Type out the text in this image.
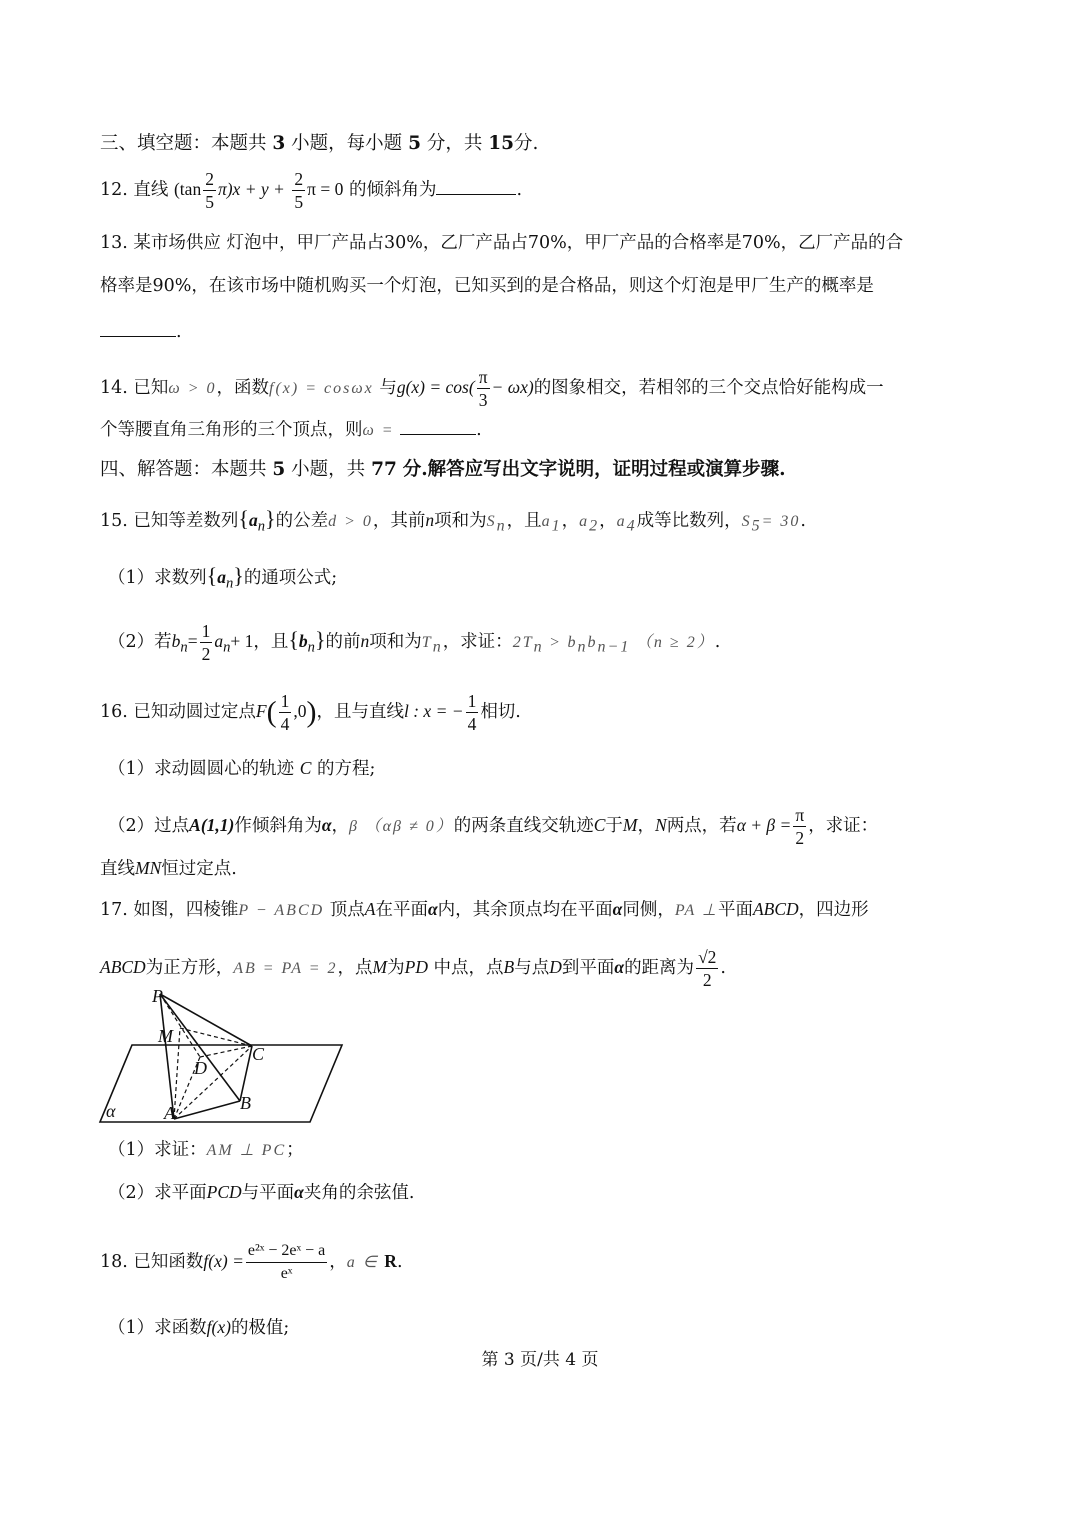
三、填空题：本题共 3 小题，每小题 5 分，共 15分.
12. 直线 $(\tan \frac{2}{5} \pi)x + y + \frac{2}{5}$ π = 0 的倾斜角为	.
13. 某市场供应 灯泡中，甲厂产品占30%，乙厂产品占70%，甲厂产品的合格率是70%，乙厂产品的合
格率是90%，在该市场中随机购买一个灯泡，已知买到的是合格品，则这个灯泡是甲厂生产的概率是
.
14. 已知ω > 0，函数f(x) = cosωx 与$g(x) = \cos( \frac{\pi}{3} - \omega x)$的图象相交，若相邻的三个交点恰好能构成一
个等腰直角三角形的三个顶点，则ω =	.
四、解答题：本题共 5 小题，共 77 分.解答应写出文字说明，证明过程或演算步骤.
15. 已知等差数列$\{a_n\}$的公差d > 0，其前n项和为$S_n$，且$a_1$，$a_2$，$a_4$成等比数列，$S_5= 30$.
（1）求数列$\{a_n\}$的通项公式;
（2）若$b_n= \frac{1}{2} a_n+ 1$，且$\{b_n\}$的前n项和为$T_n$，求证：$2T_n > b_nb_{n-1}$ （n ≥ 2）.
16. 已知动圆过定点$F( \frac{1}{4} ,0)$，且与直线l : x = − $\frac{1}{4}$ 相切.
（1）求动圆圆心的轨迹 C 的方程;
（2）过点A(1,1)作倾斜角为α，β （αβ ≠ 0）的两条直线交轨迹C于M，N两点，若$\alpha + \beta = \frac{\pi}{2}$ ，求证：
直线MN恒过定点.
17. 如图，四棱锥P − ABCD 顶点A在平面α内，其余顶点均在平面α同侧，PA ⊥平面ABCD，四边形
ABCD为正方形，AB = PA = 2，点M为PD 中点，点B与点D到平面α的距离为 $\frac{√2}{2}$ .
P
M
D
C
A	B
α
（1）求证：AM ⊥ PC；
（2）求平面PCD与平面α夹角的余弦值.
18. 已知函数$f(x) = \frac{\text{e²ˣ − 2eˣ − a}}{\text{eˣ}}$ ，a ∈ R.
（1）求函数f(x)的极值;
第 3 页/共 4 页
